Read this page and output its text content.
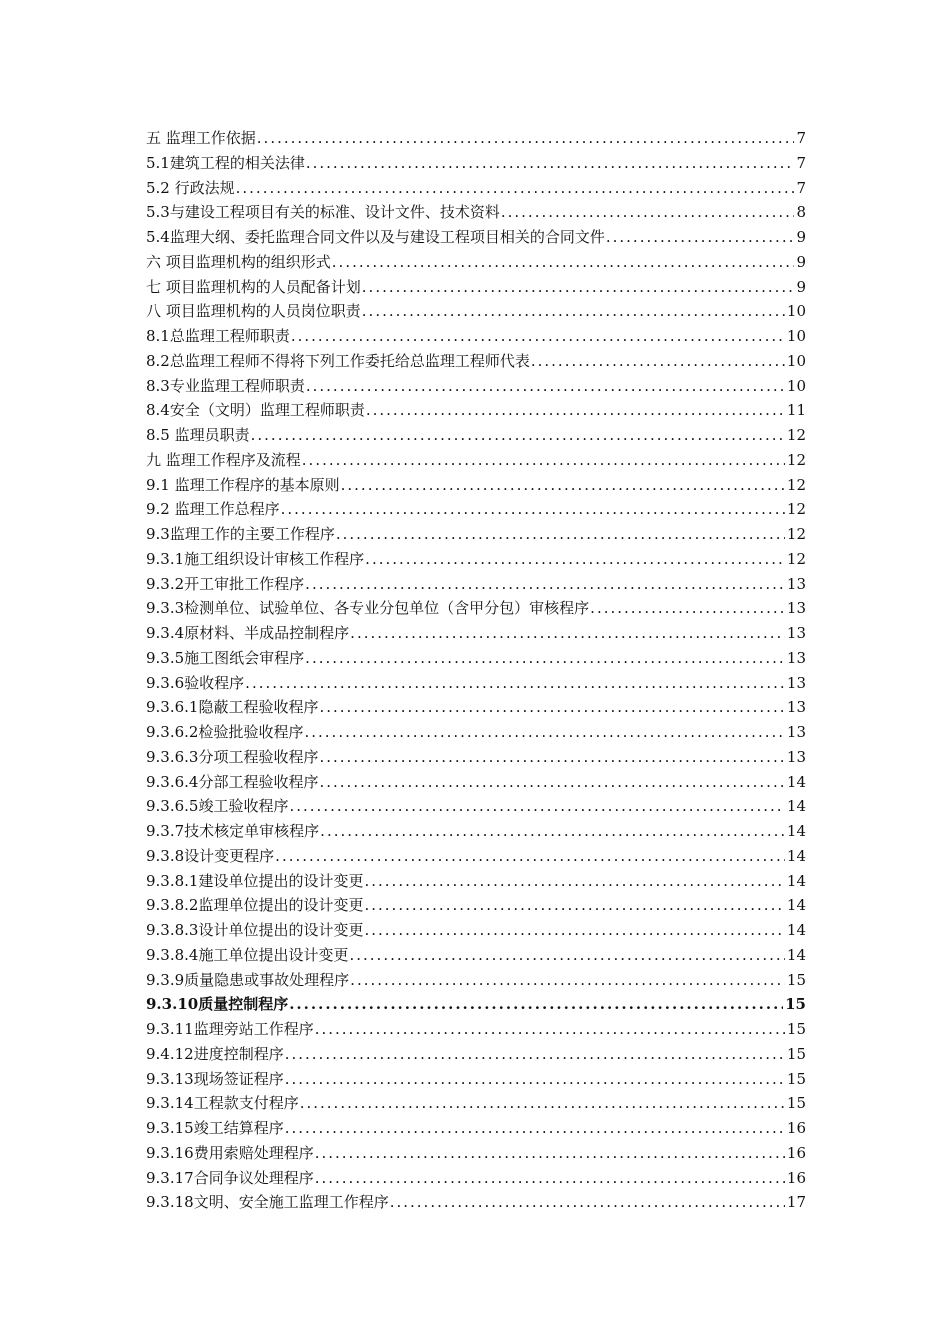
五 监理工作依据 .....	7
5.1建筑工程的相关法律 .....	7
5.2 行政法规 .....	7
5.3与建设工程项目有关的标准、设计文件、技术资料 .....	8
5.4监理大纲、委托监理合同文件以及与建设工程项目相关的合同文件 .....	9
六 项目监理机构的组织形式 .....	9
七 项目监理机构的人员配备计划 .....	9
八 项目监理机构的人员岗位职责 .....	10
8.1总监理工程师职责 .....	10
8.2总监理工程师不得将下列工作委托给总监理工程师代表 .....	10
8.3专业监理工程师职责 .....	10
8.4安全（文明）监理工程师职责 .....	11
8.5 监理员职责 .....	12
九 监理工作程序及流程 .....	12
9.1 监理工作程序的基本原则 .....	12
9.2 监理工作总程序 .....	12
9.3监理工作的主要工作程序 .....	12
9.3.1施工组织设计审核工作程序 .....	12
9.3.2开工审批工作程序 .....	13
9.3.3检测单位、试验单位、各专业分包单位（含甲分包）审核程序 .....	13
9.3.4原材料、半成品控制程序 .....	13
9.3.5施工图纸会审程序 .....	13
9.3.6验收程序 .....	13
9.3.6.1隐蔽工程验收程序 .....	13
9.3.6.2检验批验收程序 .....	13
9.3.6.3分项工程验收程序 .....	13
9.3.6.4分部工程验收程序 .....	14
9.3.6.5竣工验收程序 .....	14
9.3.7技术核定单审核程序 .....	14
9.3.8设计变更程序 .....	14
9.3.8.1建设单位提出的设计变更 .....	14
9.3.8.2监理单位提出的设计变更 .....	14
9.3.8.3设计单位提出的设计变更 .....	14
9.3.8.4施工单位提出设计变更 .....	14
9.3.9质量隐患或事故处理程序 .....	15
9.3.10质量控制程序 .....	15
9.3.11监理旁站工作程序 .....	15
9.4.12进度控制程序 .....	15
9.3.13现场签证程序 .....	15
9.3.14工程款支付程序 .....	15
9.3.15竣工结算程序 .....	16
9.3.16费用索赔处理程序 .....	16
9.3.17合同争议处理程序 .....	16
9.3.18文明、安全施工监理工作程序 .....	17
